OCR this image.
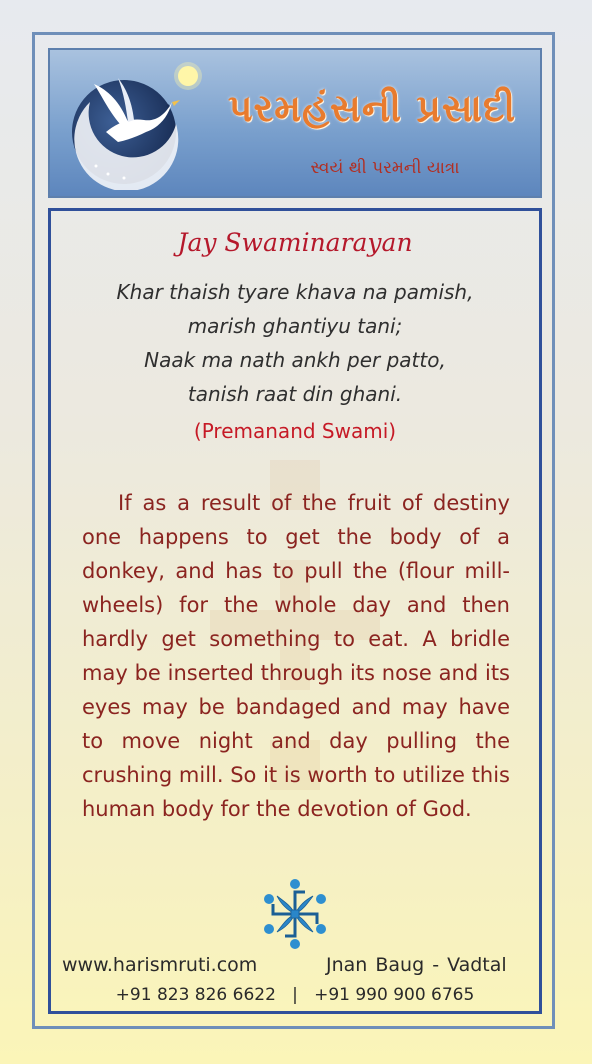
પરમહંસની પ્રસાદી
સ્વયં થી પરમની યાત્રા
Jay Swaminarayan
Khar thaish tyare khava na pamish,
marish ghantiyu tani;
Naak ma nath ankh per patto,
tanish raat din ghani.
(Premanand Swami)

If as a result of the fruit of destiny one happens to get the body of a donkey, and has to pull the (flour mill-wheels) for the whole day and then hardly get something to eat. A bridle may be inserted through its nose and its eyes may be bandaged and may have to move night and day pulling the crushing mill. So it is worth to utilize this human body for the devotion of God.

www.harismruti.com	Jnan Baug - Vadtal
+91 823 826 6622   |   +91 990 900 6765
